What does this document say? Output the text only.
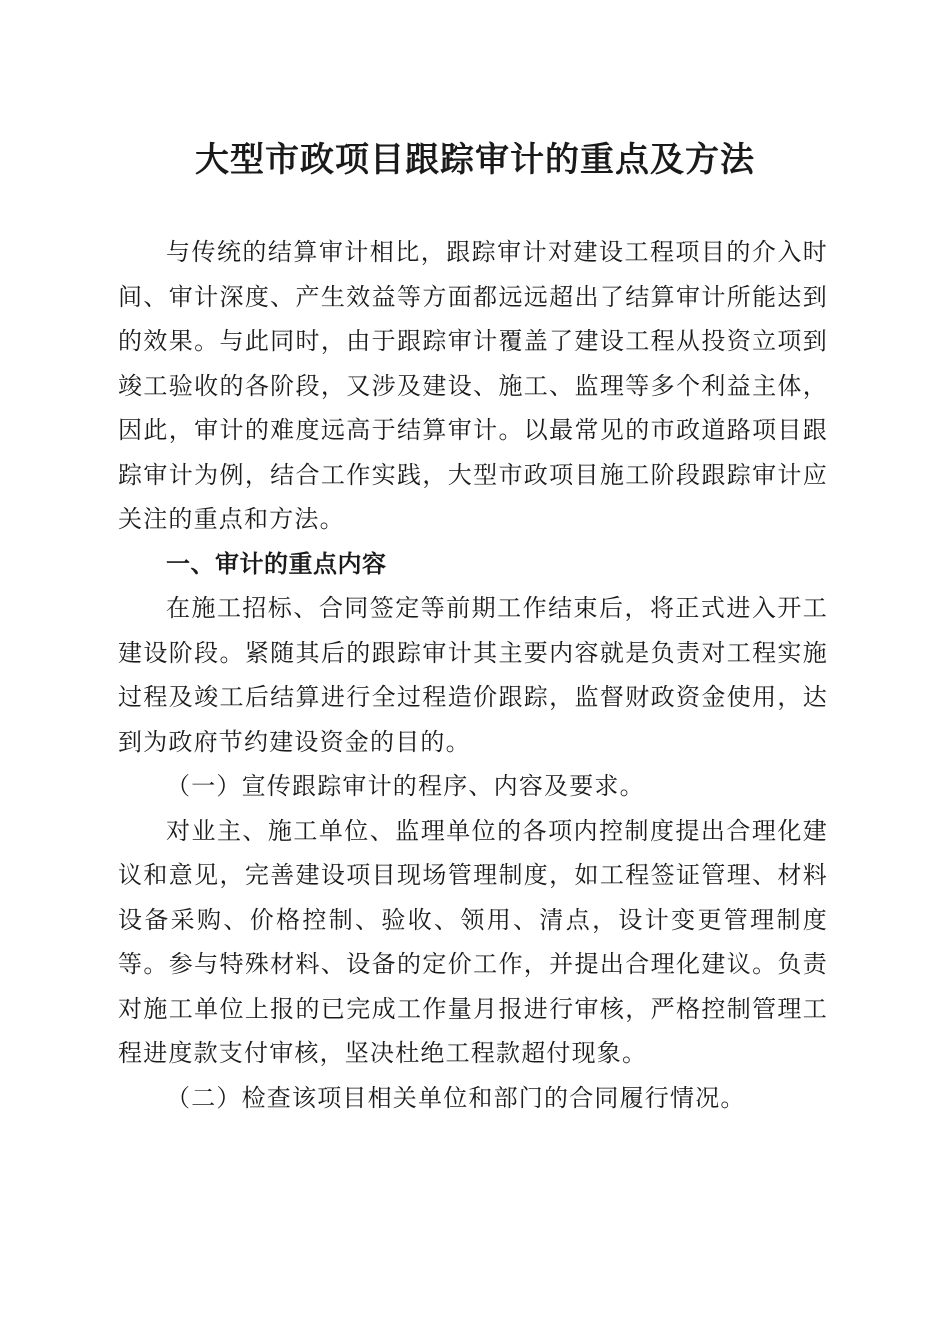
大型市政项目跟踪审计的重点及方法

与传统的结算审计相比，跟踪审计对建设工程项目的介入时间、审计深度、产生效益等方面都远远超出了结算审计所能达到的效果。与此同时，由于跟踪审计覆盖了建设工程从投资立项到竣工验收的各阶段，又涉及建设、施工、监理等多个利益主体，因此，审计的难度远高于结算审计。以最常见的市政道路项目跟踪审计为例，结合工作实践，大型市政项目施工阶段跟踪审计应关注的重点和方法。

一、审计的重点内容

在施工招标、合同签定等前期工作结束后，将正式进入开工建设阶段。紧随其后的跟踪审计其主要内容就是负责对工程实施过程及竣工后结算进行全过程造价跟踪，监督财政资金使用，达到为政府节约建设资金的目的。

（一）宣传跟踪审计的程序、内容及要求。

对业主、施工单位、监理单位的各项内控制度提出合理化建议和意见，完善建设项目现场管理制度，如工程签证管理、材料设备采购、价格控制、验收、领用、清点，设计变更管理制度等。参与特殊材料、设备的定价工作，并提出合理化建议。负责对施工单位上报的已完成工作量月报进行审核，严格控制管理工程进度款支付审核，坚决杜绝工程款超付现象。

（二）检查该项目相关单位和部门的合同履行情况。
